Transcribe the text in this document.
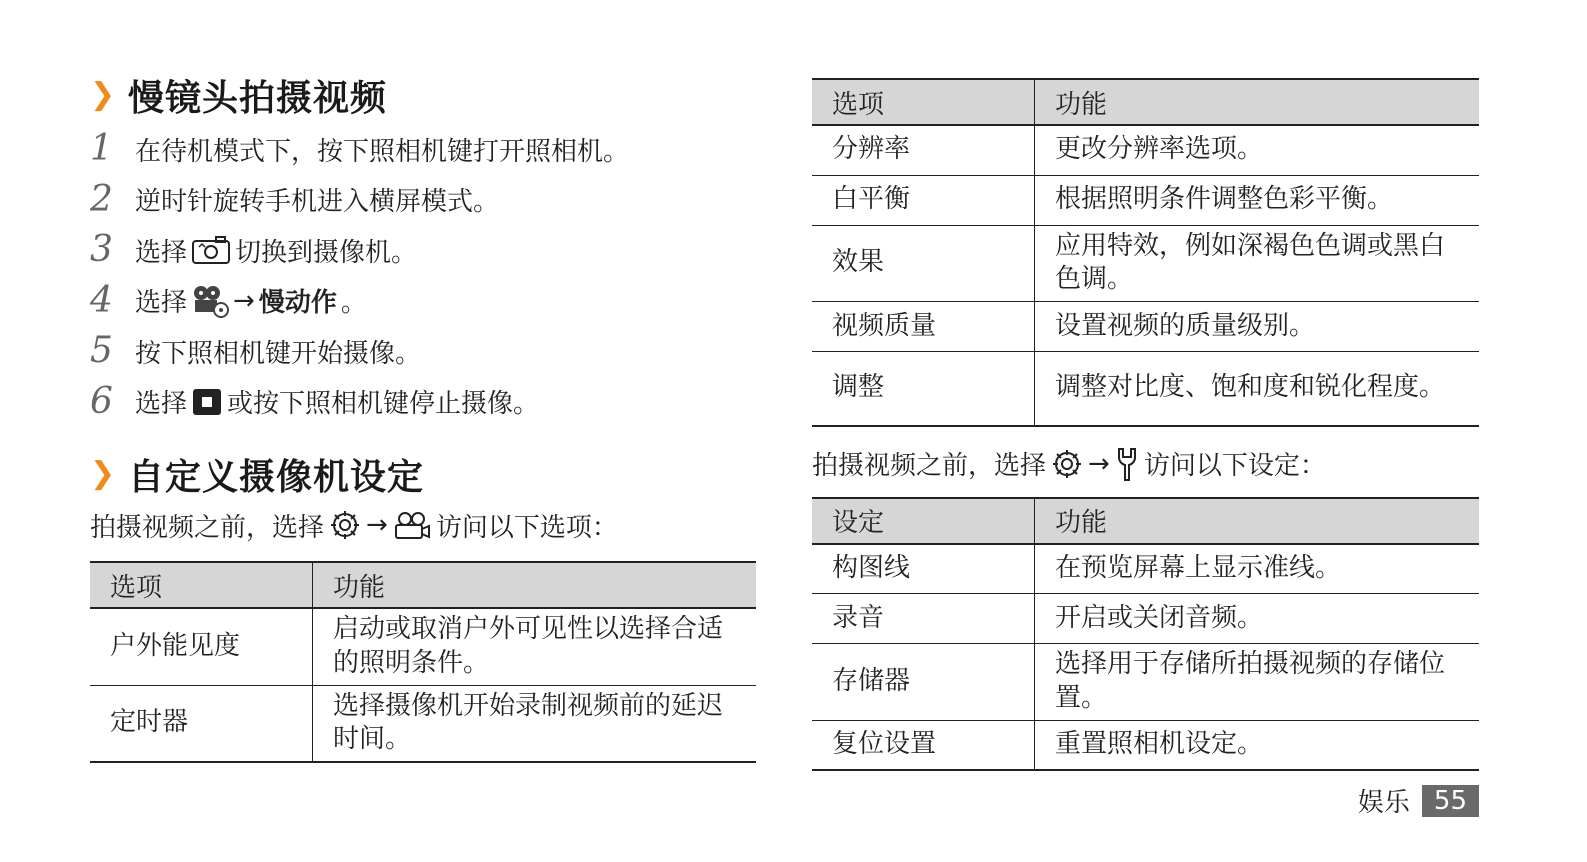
❯ 慢镜头拍摄视频
1 在待机模式下，按下照相机键打开照相机。
2 逆时针旋转手机进入横屏模式。
3 选择 切换到摄像机。
4 选择 → 慢动作 。
5 按下照相机键开始摄像。
6 选择 或按下照相机键停止摄像。
❯ 自定义摄像机设定

拍摄视频之前，选择 → 访问以下选项：

选项	功能
户外能见度	启动或取消户外可见性以选择合适的照明条件。
定时器	选择摄像机开始录制视频前的延迟时间。
选项	功能
分辨率	更改分辨率选项。
白平衡	根据照明条件调整色彩平衡。
效果	应用特效，例如深褐色色调或黑白色调。
视频质量	设置视频的质量级别。
调整	调整对比度、饱和度和锐化程度。

拍摄视频之前，选择 → 访问以下设定：

设定	功能
构图线	在预览屏幕上显示准线。
录音	开启或关闭音频。
存储器	选择用于存储所拍摄视频的存储位置。
复位设置	重置照相机设定。
娱乐 55
